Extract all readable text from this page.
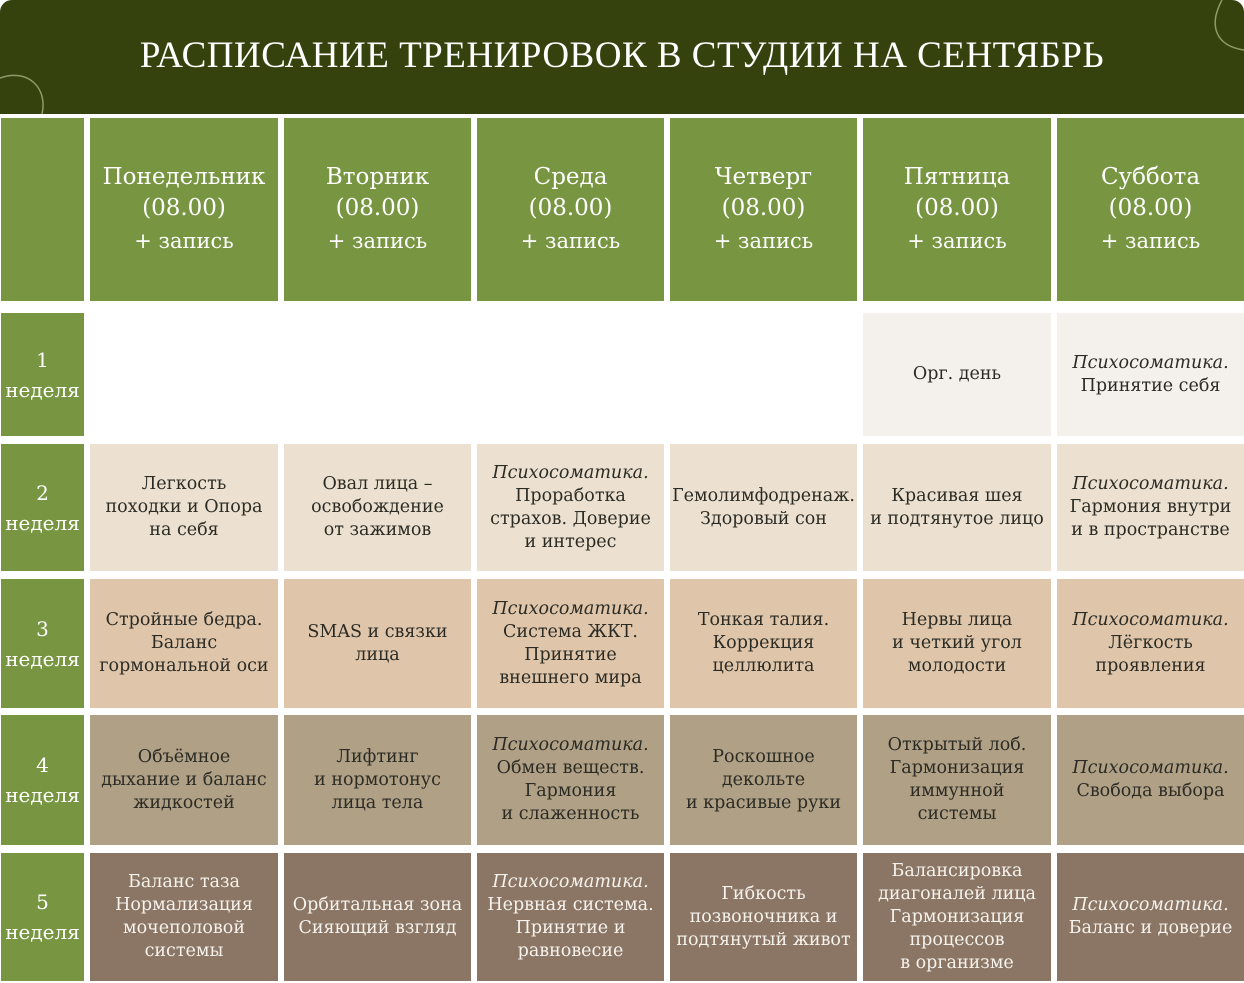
РАСПИСАНИЕ ТРЕНИРОВОК В СТУДИИ НА СЕНТЯБРЬ
Понедельник
(08.00)
+ запись
Вторник
(08.00)
+ запись
Среда
(08.00)
+ запись
Четверг
(08.00)
+ запись
Пятница
(08.00)
+ запись
Суббота
(08.00)
+ запись
1
неделя
2
неделя
3
неделя
4
неделя
5
неделя
Орг. день
Психосоматика.
Принятие себя
Легкость
походки и Опора
на себя
Овал лица –
освобождение
от зажимов
Психосоматика.
Проработка
страхов. Доверие
и интерес
Гемолимфодренаж.
Здоровый сон
Красивая шея
и подтянутое лицо
Психосоматика.
Гармония внутри
и в пространстве
Стройные бедра.
Баланс
гормональной оси
SMAS и связки
лица
Психосоматика.
Система ЖКТ.
Принятие
внешнего мира
Тонкая талия.
Коррекция
целлюлита
Нервы лица
и четкий угол
молодости
Психосоматика.
Лёгкость
проявления
Объёмное
дыхание и баланс
жидкостей
Лифтинг
и нормотонус
лица тела
Психосоматика.
Обмен веществ.
Гармония
и слаженность
Роскошное
декольте
и красивые руки
Открытый лоб.
Гармонизация
иммунной
системы
Психосоматика.
Свобода выбора
Баланс таза
Нормализация
мочеполовой
системы
Орбитальная зона
Сияющий взгляд
Психосоматика.
Нервная система.
Принятие и
равновесие
Гибкость
позвоночника и
подтянутый живот
Балансировка
диагоналей лица
Гармонизация
процессов
в организме
Психосоматика.
Баланс и доверие
